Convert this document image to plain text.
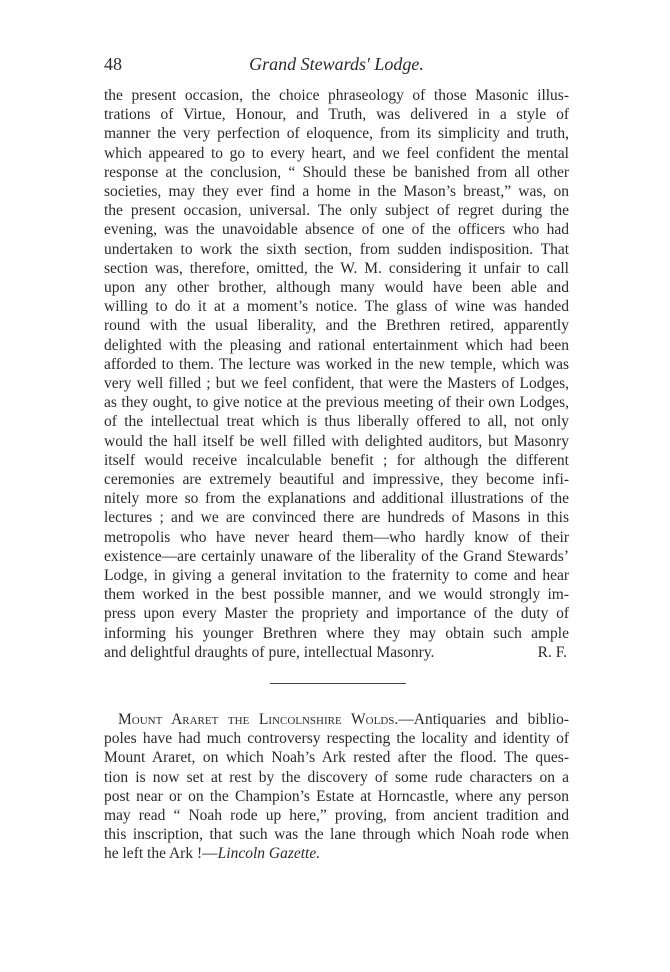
48	Grand Stewards' Lodge.
the present occasion, the choice phraseology of those Masonic illus-
trations of Virtue, Honour, and Truth, was delivered in a style of
manner the very perfection of eloquence, from its simplicity and truth,
which appeared to go to every heart, and we feel confident the mental
response at the conclusion, “ Should these be banished from all other
societies, may they ever find a home in the Mason’s breast,” was, on
the present occasion, universal. The only subject of regret during the
evening, was the unavoidable absence of one of the officers who had
undertaken to work the sixth section, from sudden indisposition. That
section was, therefore, omitted, the W. M. considering it unfair to call
upon any other brother, although many would have been able and
willing to do it at a moment’s notice. The glass of wine was handed
round with the usual liberality, and the Brethren retired, apparently
delighted with the pleasing and rational entertainment which had been
afforded to them. The lecture was worked in the new temple, which was
very well filled ; but we feel confident, that were the Masters of Lodges,
as they ought, to give notice at the previous meeting of their own Lodges,
of the intellectual treat which is thus liberally offered to all, not only
would the hall itself be well filled with delighted auditors, but Masonry
itself would receive incalculable benefit ; for although the different
ceremonies are extremely beautiful and impressive, they become infi-
nitely more so from the explanations and additional illustrations of the
lectures ; and we are convinced there are hundreds of Masons in this
metropolis who have never heard them—who hardly know of their
existence—are certainly unaware of the liberality of the Grand Stewards’
Lodge, in giving a general invitation to the fraternity to come and hear
them worked in the best possible manner, and we would strongly im-
press upon every Master the propriety and importance of the duty of
informing his younger Brethren where they may obtain such ample
and delightful draughts of pure, intellectual Masonry.	R. F.
Mount Araret the Lincolnshire Wolds.—Antiquaries and biblio-
poles have had much controversy respecting the locality and identity of
Mount Araret, on which Noah’s Ark rested after the flood. The ques-
tion is now set at rest by the discovery of some rude characters on a
post near or on the Champion’s Estate at Horncastle, where any person
may read “ Noah rode up here,” proving, from ancient tradition and
this inscription, that such was the lane through which Noah rode when
he left the Ark !—Lincoln Gazette.
